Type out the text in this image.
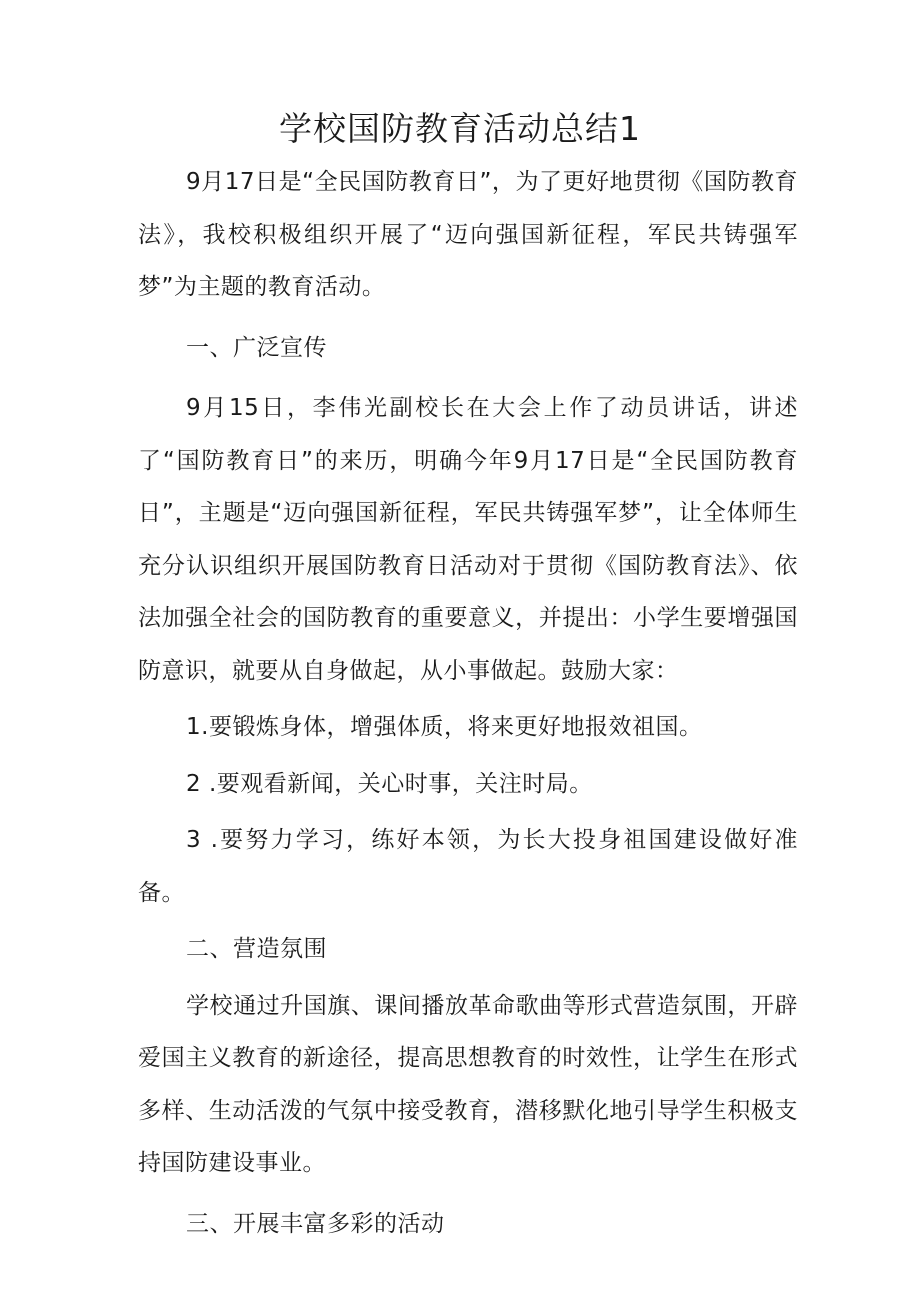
学校国防教育活动总结1

9月17日是“全民国防教育日”，为了更好地贯彻《国防教育法》，我校积极组织开展了“迈向强国新征程，军民共铸强军梦”为主题的教育活动。

一、广泛宣传

9月15日，李伟光副校长在大会上作了动员讲话，讲述了“国防教育日”的来历，明确今年9月17日是“全民国防教育日”，主题是“迈向强国新征程，军民共铸强军梦”，让全体师生充分认识组织开展国防教育日活动对于贯彻《国防教育法》、依法加强全社会的国防教育的重要意义，并提出：小学生要增强国防意识，就要从自身做起，从小事做起。鼓励大家：

1.要锻炼身体，增强体质，将来更好地报效祖国。

2 .要观看新闻，关心时事，关注时局。

3 .要努力学习，练好本领，为长大投身祖国建设做好准备。

二、营造氛围

学校通过升国旗、课间播放革命歌曲等形式营造氛围，开辟爱国主义教育的新途径，提高思想教育的时效性，让学生在形式多样、生动活泼的气氛中接受教育，潜移默化地引导学生积极支持国防建设事业。

三、开展丰富多彩的活动
